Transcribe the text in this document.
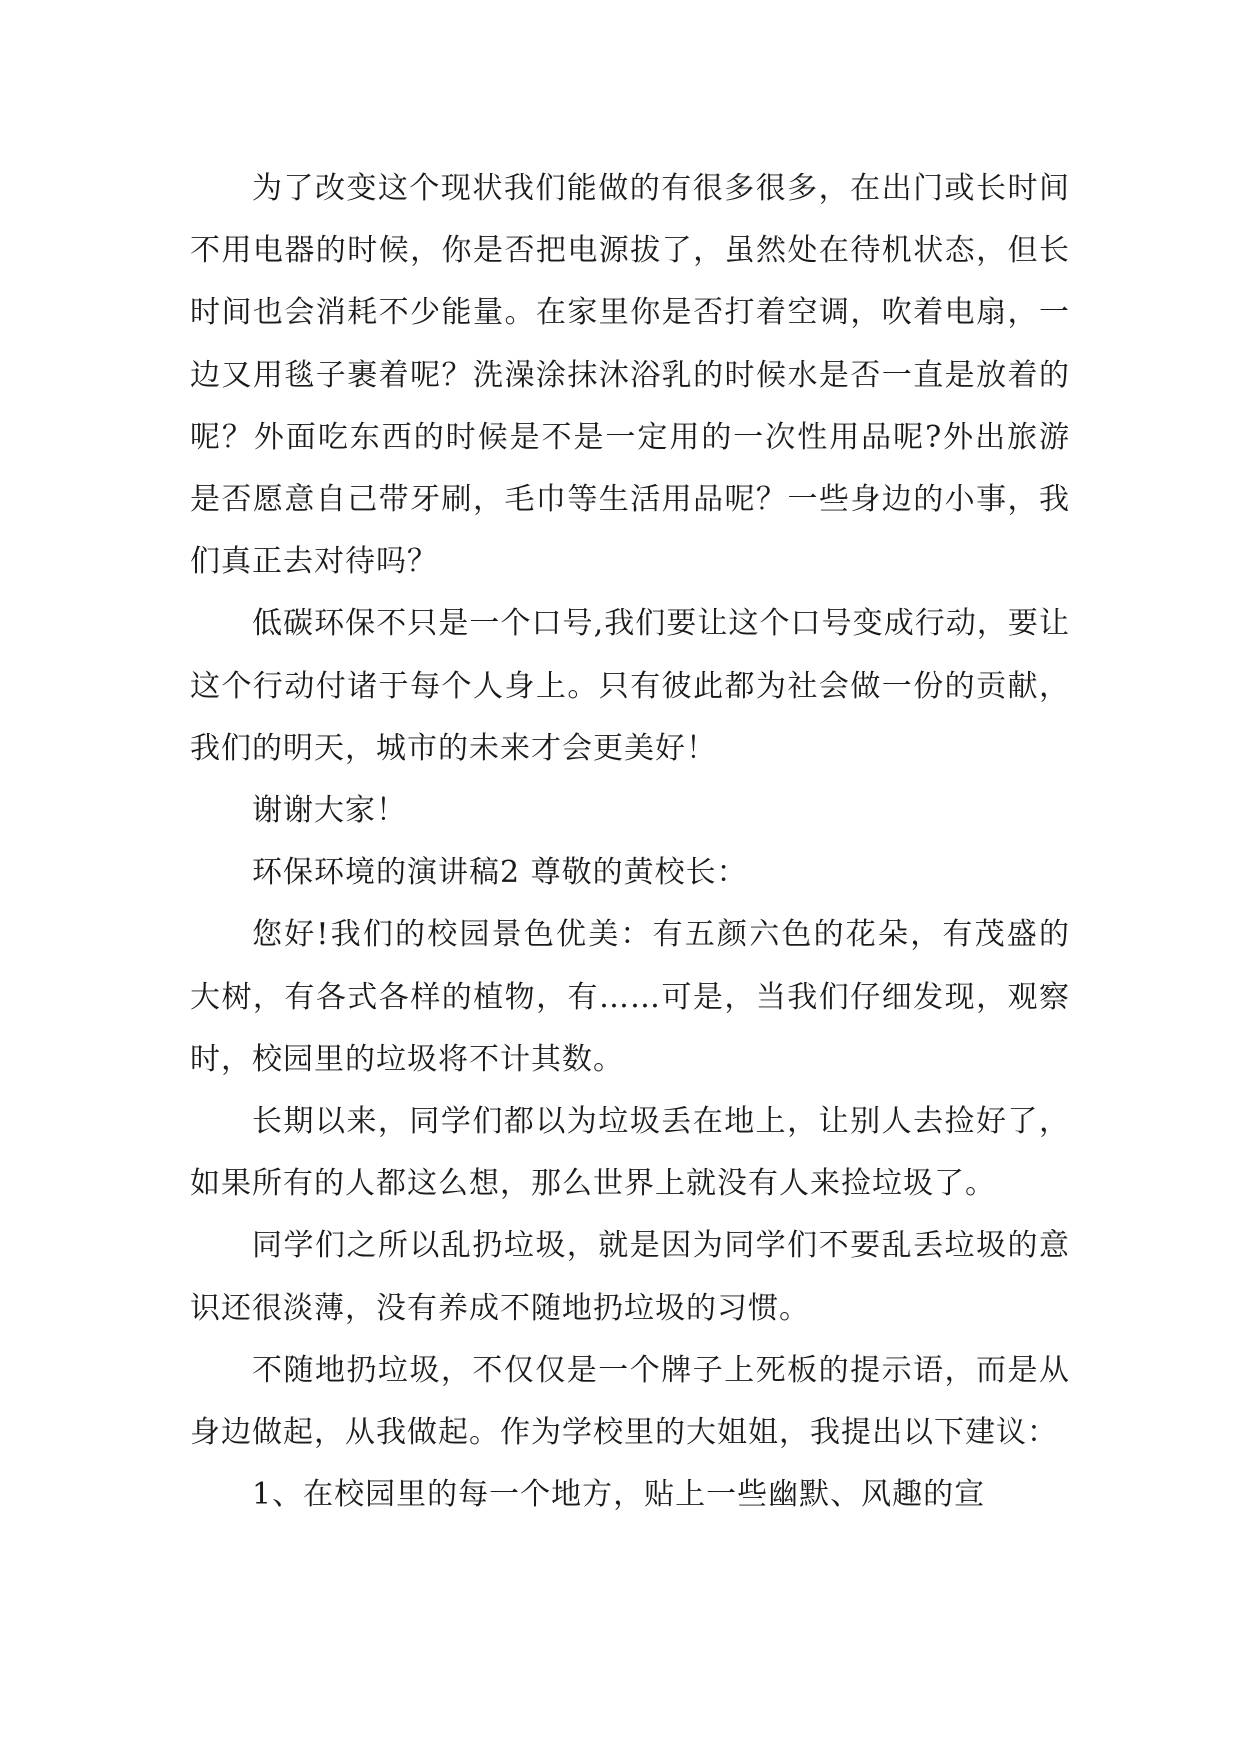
为了改变这个现状我们能做的有很多很多，在出门或长时间不用电器的时候，你是否把电源拔了，虽然处在待机状态，但长时间也会消耗不少能量。在家里你是否打着空调，吹着电扇，一边又用毯子裹着呢？洗澡涂抹沐浴乳的时候水是否一直是放着的呢？外面吃东西的时候是不是一定用的一次性用品呢?外出旅游是否愿意自己带牙刷，毛巾等生活用品呢？一些身边的小事，我们真正去对待吗？

低碳环保不只是一个口号,我们要让这个口号变成行动，要让这个行动付诸于每个人身上。只有彼此都为社会做一份的贡献，我们的明天，城市的未来才会更美好！

谢谢大家！

环保环境的演讲稿2 尊敬的黄校长：

您好!我们的校园景色优美：有五颜六色的花朵，有茂盛的大树，有各式各样的植物，有……可是，当我们仔细发现，观察时，校园里的垃圾将不计其数。

长期以来，同学们都以为垃圾丢在地上，让别人去捡好了，如果所有的人都这么想，那么世界上就没有人来捡垃圾了。

同学们之所以乱扔垃圾，就是因为同学们不要乱丢垃圾的意识还很淡薄，没有养成不随地扔垃圾的习惯。

不随地扔垃圾，不仅仅是一个牌子上死板的提示语，而是从身边做起，从我做起。作为学校里的大姐姐，我提出以下建议：

1、在校园里的每一个地方，贴上一些幽默、风趣的宣
